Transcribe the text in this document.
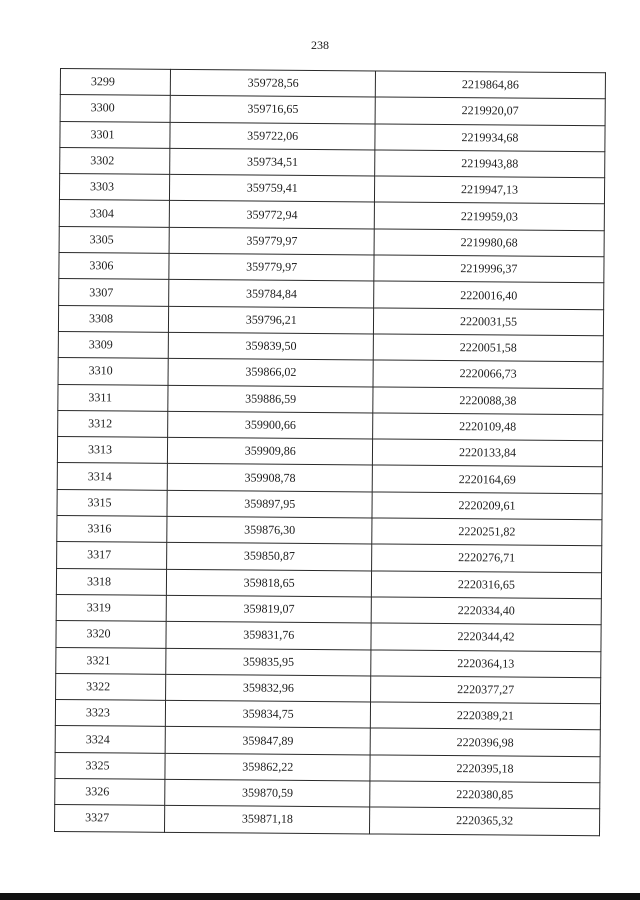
238
3299	359728,56	2219864,86
3300	359716,65	2219920,07
3301	359722,06	2219934,68
3302	359734,51	2219943,88
3303	359759,41	2219947,13
3304	359772,94	2219959,03
3305	359779,97	2219980,68
3306	359779,97	2219996,37
3307	359784,84	2220016,40
3308	359796,21	2220031,55
3309	359839,50	2220051,58
3310	359866,02	2220066,73
3311	359886,59	2220088,38
3312	359900,66	2220109,48
3313	359909,86	2220133,84
3314	359908,78	2220164,69
3315	359897,95	2220209,61
3316	359876,30	2220251,82
3317	359850,87	2220276,71
3318	359818,65	2220316,65
3319	359819,07	2220334,40
3320	359831,76	2220344,42
3321	359835,95	2220364,13
3322	359832,96	2220377,27
3323	359834,75	2220389,21
3324	359847,89	2220396,98
3325	359862,22	2220395,18
3326	359870,59	2220380,85
3327	359871,18	2220365,32
